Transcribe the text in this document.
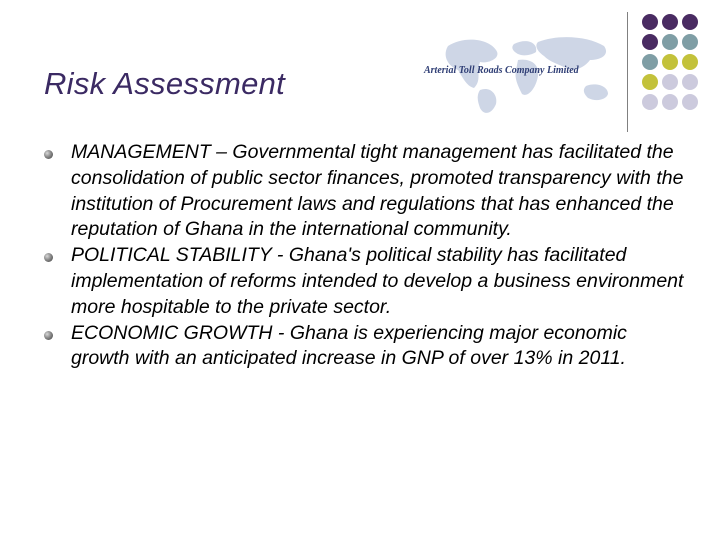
Risk Assessment	Arterial Toll Roads Company Limited
MANAGEMENT – Governmental tight management has facilitated the consolidation of public sector finances, promoted transparency with the institution of Procurement laws and regulations that has enhanced the reputation of Ghana in the international community.
POLITICAL STABILITY - Ghana's political stability has facilitated implementation of reforms intended to develop a business environment more hospitable to the private sector.
ECONOMIC GROWTH - Ghana is experiencing major economic growth with an anticipated increase in GNP of over 13% in 2011.
